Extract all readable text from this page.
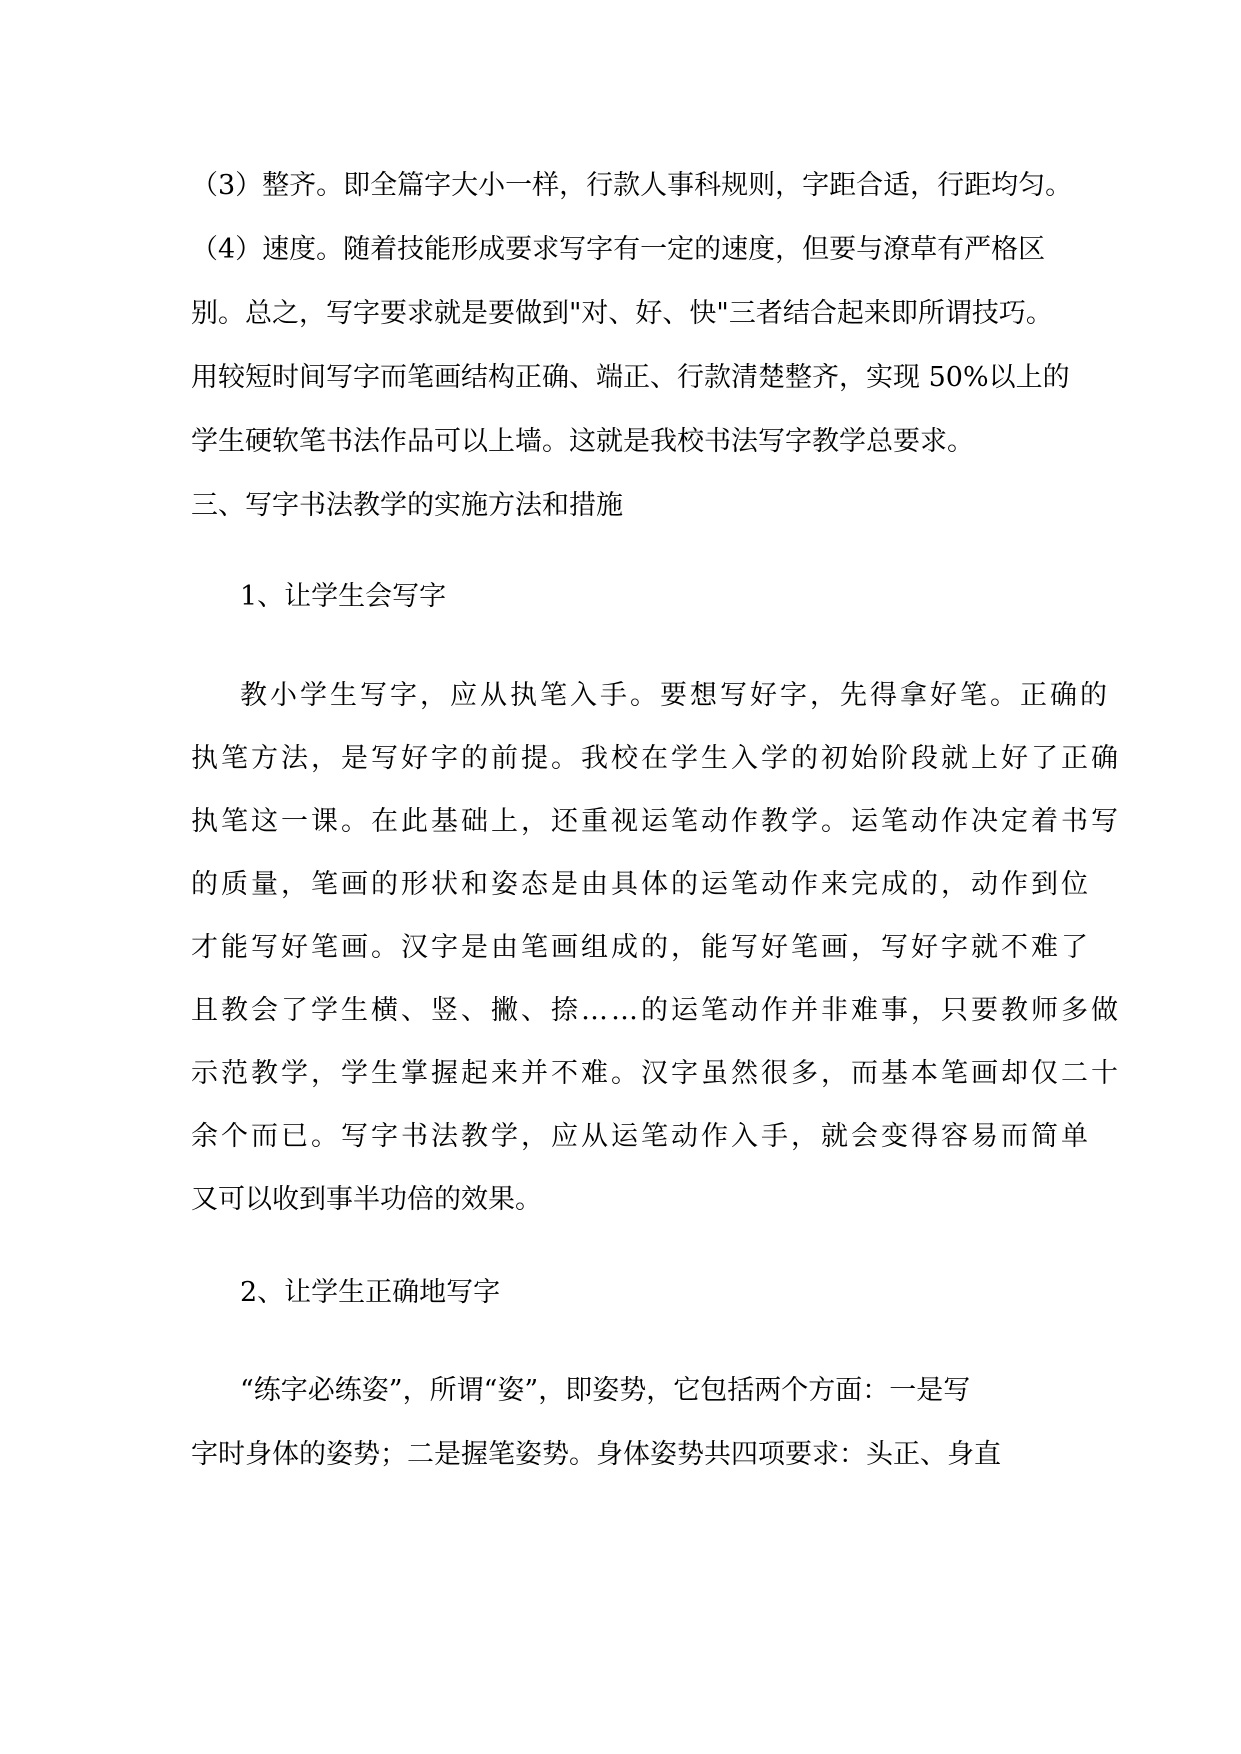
（3）整齐。即全篇字大小一样，行款人事科规则，字距合适，行距均匀。
（4）速度。随着技能形成要求写字有一定的速度，但要与潦草有严格区
别。总之，写字要求就是要做到"对、好、快"三者结合起来即所谓技巧。
用较短时间写字而笔画结构正确、端正、行款清楚整齐，实现 50%以上的
学生硬软笔书法作品可以上墙。这就是我校书法写字教学总要求。
三、写字书法教学的实施方法和措施
1、让学生会写字
教小学生写字，应从执笔入手。要想写好字，先得拿好笔。正确的
执笔方法，是写好字的前提。我校在学生入学的初始阶段就上好了正确
执笔这一课。在此基础上，还重视运笔动作教学。运笔动作决定着书写
的质量，笔画的形状和姿态是由具体的运笔动作来完成的，动作到位
才能写好笔画。汉字是由笔画组成的，能写好笔画，写好字就不难了
且教会了学生横、竖、撇、捺……的运笔动作并非难事，只要教师多做
示范教学，学生掌握起来并不难。汉字虽然很多，而基本笔画却仅二十
余个而已。写字书法教学，应从运笔动作入手，就会变得容易而简单
又可以收到事半功倍的效果。
2、让学生正确地写字
“练字必练姿”，所谓“姿”，即姿势，它包括两个方面：一是写
字时身体的姿势；二是握笔姿势。身体姿势共四项要求：头正、身直
